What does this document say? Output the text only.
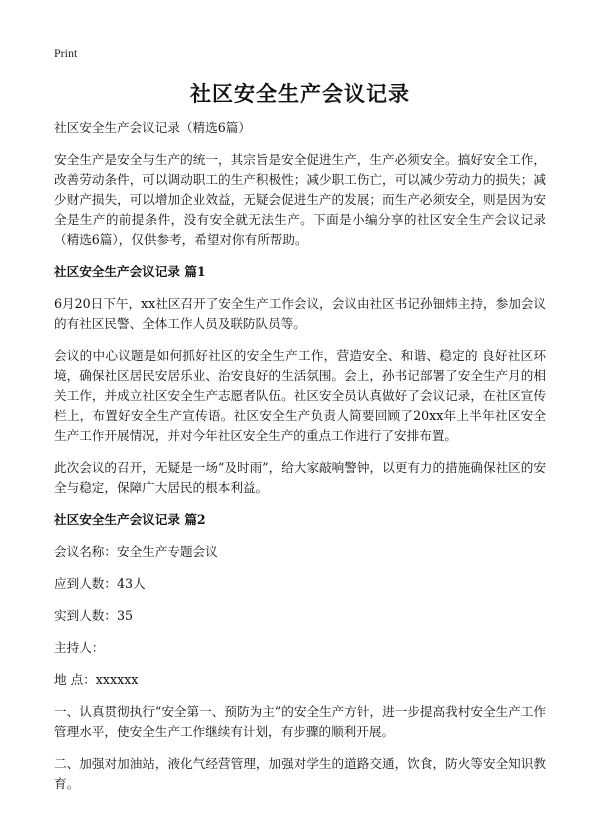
Print
社区安全生产会议记录

社区安全生产会议记录（精选6篇）

安全生产是安全与生产的统一，其宗旨是安全促进生产，生产必须安全。搞好安全工作，改善劳动条件，可以调动职工的生产积极性；减少职工伤亡，可以减少劳动力的损失；减少财产损失，可以增加企业效益，无疑会促进生产的发展；而生产必须安全，则是因为安全是生产的前提条件，没有安全就无法生产。下面是小编分享的社区安全生产会议记录（精选6篇），仅供参考，希望对你有所帮助。

社区安全生产会议记录 篇1

6月20日下午，xx社区召开了安全生产工作会议，会议由社区书记孙钿炜主持，参加会议的有社区民警、全体工作人员及联防队员等。

会议的中心议题是如何抓好社区的安全生产工作，营造安全、和谐、稳定的 良好社区环境，确保社区居民安居乐业、治安良好的生活氛围。会上，孙书记部署了安全生产月的相关工作，并成立社区安全生产志愿者队伍。社区安全员认真做好了会议记录，在社区宣传栏上，布置好安全生产宣传语。社区安全生产负责人简要回顾了20xx年上半年社区安全生产工作开展情况，并对今年社区安全生产的重点工作进行了安排布置。

此次会议的召开，无疑是一场“及时雨”，给大家敲响警钟，以更有力的措施确保社区的安全与稳定，保障广大居民的根本利益。

社区安全生产会议记录 篇2

会议名称：安全生产专题会议

应到人数：43人

实到人数：35

主持人：

地 点：xxxxxx

一、认真贯彻执行“安全第一、预防为主”的安全生产方针，进一步提高我村安全生产工作管理水平，使安全生产工作继续有计划，有步骤的顺利开展。

二、加强对加油站，液化气经营管理，加强对学生的道路交通，饮食，防火等安全知识教育。
